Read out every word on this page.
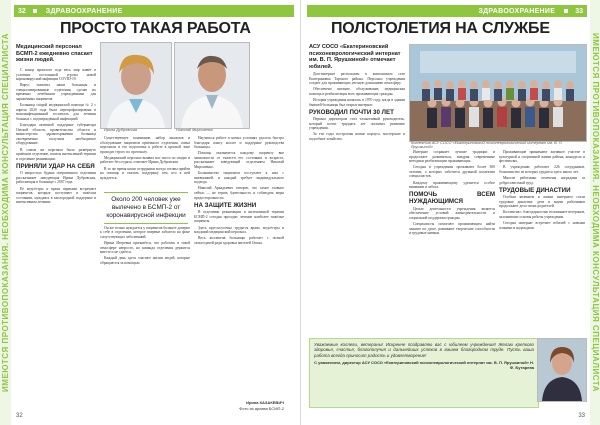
ИМЕЮТСЯ ПРОТИВОПОКАЗАНИЯ. НЕОБХОДИМА КОНСУЛЬТАЦИЯ СПЕЦИАЛИСТА
32	ЗДРАВООХРАНЕНИЕ
ПРОСТО ТАКАЯ РАБОТА
Медицинский персонал БСМП-2 ежедневно спасает жизни людей.
Ирина Дубровская	Николай Мирошенко

С конца прошлого года весь мир живёт в условиях постоянной угрозы новой коронавирусной инфекции COVID-19.

Вирус захватил наши больницы и специализированные отделения, сделав их временно лечебными учреждениями для заражённых пациентов.

Больница скорой медицинской помощи № 2 с апреля 2020 года была перепрофилирована в моноинфекционный госпиталь для лечения больных с подтверждённой инфекцией.

Благодаря активной поддержке губернатора Омской области, правительства области и министерства здравоохранения больница своевременно получила необходимое оборудование.

В самом же коротком было развёрнуто приёмное отделение, палаты интенсивной терапии и отделение реанимации.

ПРИНЯЛИ УДАР НА СЕБЯ

О непростых буднях оперативного отделения рассказывает заведующая Ирина Дубровская, работающая в больнице с 2007 года.

Её медсёстры и врачи первыми встречают пациентов, которые поступают в тяжёлом состоянии, нуждаясь в кислородной поддержке и интенсивном лечении.

Существующее понимание, набор анализов и обследование пациентов приёмного отделения, смена персонала и его подготовка к работе в красной зоне проходят строго по протоколу.

Медицинский персонал выявил нас чисто по сводке и работает без отдыха, отмечает Ирина Дубровская.

В то же время наши сотрудники всегда готовы прийти на помощь и оказать поддержку тем, кто в ней нуждается.

Он же только нуждается у пациентов большее доверие к себе в отделении, которое впервые заболело на фоне сопутствующих заболеваний.

Ирина Игоревна признаётся, что работать в такой атмосфере непросто, но команда отделения держится вместе и не сдаётся.

Каждый день здесь спасают жизни людей, которые обращаются за помощью.

Около 200 человек уже вылечено в БСМП-2 от коронавирусной инфекции

Научиться работе в новых условиях удалось быстро благодаря опыту коллег и поддержке руководства больницы.

Помощь оказывается каждому пациенту вне зависимости от тяжести его состояния и возраста, рассказывает заведующий отделением Николай Мирошенко.

Большинство пациентов поступают к нам с пневмонией, и каждый требует индивидуального подхода.

Николай Аркадьевич говорит, что самое главное сейчас — не терять бдительность и соблюдать меры предосторожности.

НА ЗАЩИТЕ ЖИЗНИ

В отделении реанимации и интенсивной терапии БСМП-2 сегодня проходят лечение наиболее тяжёлые пациенты.

Здесь круглосуточно трудятся врачи, медсёстры и младший медицинский персонал.

Весь коллектив больницы работает с полной самоотдачей ради здоровья жителей Омска.

Ирина КАЗАКЕВИЧ
Фото из архива БСМП-2
32
ИМЕЮТСЯ ПРОТИВОПОКАЗАНИЯ. НЕОБХОДИМА КОНСУЛЬТАЦИЯ СПЕЦИАЛИСТА
ЗДРАВООХРАНЕНИЕ	33
ПОЛСТОЛЕТИЯ НА СЛУЖБЕ
АСУ СОСО «Екатериновский психоневрологический интернат им. В. П. Ярушкиной» отмечает юбилей.

Дом-интернат расположен в живописном селе Екатериновка Тарского района. Персонал учреждения создаёт для проживающих уютную домашнюю атмосферу.

Обеспечено питание, обслуживание, медицинская помощь и реабилитация всех проживающих граждан.

История учреждения началась в 1970 году, когда в здании бывшей больницы был открыт интернат.

РУКОВОДИЛ ПОЧТИ 30 ЛЕТ

Первым директором стал талантливый руководитель, который почти тридцать лет посвятил развитию учреждения.

За эти годы построены новые корпуса, мастерские и подсобное хозяйство.

Коллектив АСУ СОСО «Екатериновский психоневрологический интернат им. В. П. Ярушкиной»

Интернат сохраняет лучшие традиции и продолжает развиваться, внедряя современные методики реабилитации проживающих.

Сегодня в учреждении проживают более 300 человек, о которых заботится дружный коллектив специалистов.

Каждому проживающему уделяется особое внимание и забота.

ПОМОЧЬ ВСЕМ НУЖДАЮЩИМСЯ

Целью деятельности учреждения является обеспечение условий жизнедеятельности и социальной поддержки граждан.

Специалисты помогают проживающим найти занятие по душе, развивают творческие способности и трудовые навыки.

Проживающие принимают активное участие в культурной и спортивной жизни района, конкурсах и фестивалях.

В учреждении работают 226 сотрудников, большинство из которых трудятся здесь много лет.

Многие работники отмечены наградами за добросовестный труд.

ТРУДОВЫЕ ДИНАСТИИ

Особым явлением в жизни интерната стали трудовые династии: дети и внуки работников продолжают дело своих родителей.

Коллектив с благодарностью вспоминает ветеранов, заложивших основы работы учреждения.

Сегодня интернат встречает юбилей с новыми планами и надеждами.

Уважаемые коллеги, ветераны! Искренне поздравляю вас с юбилеем учреждения! Желаю крепкого здоровья, счастья, благополучия и дальнейших успехов в вашем благородном труде. Пусть ваша работа всегда приносит радость и удовлетворение!
С уважением, директор АСУ СОСО «Екатериновский психоневрологический интернат им. В. П. Ярушкиной» Н. Ф. Бутарева
33
